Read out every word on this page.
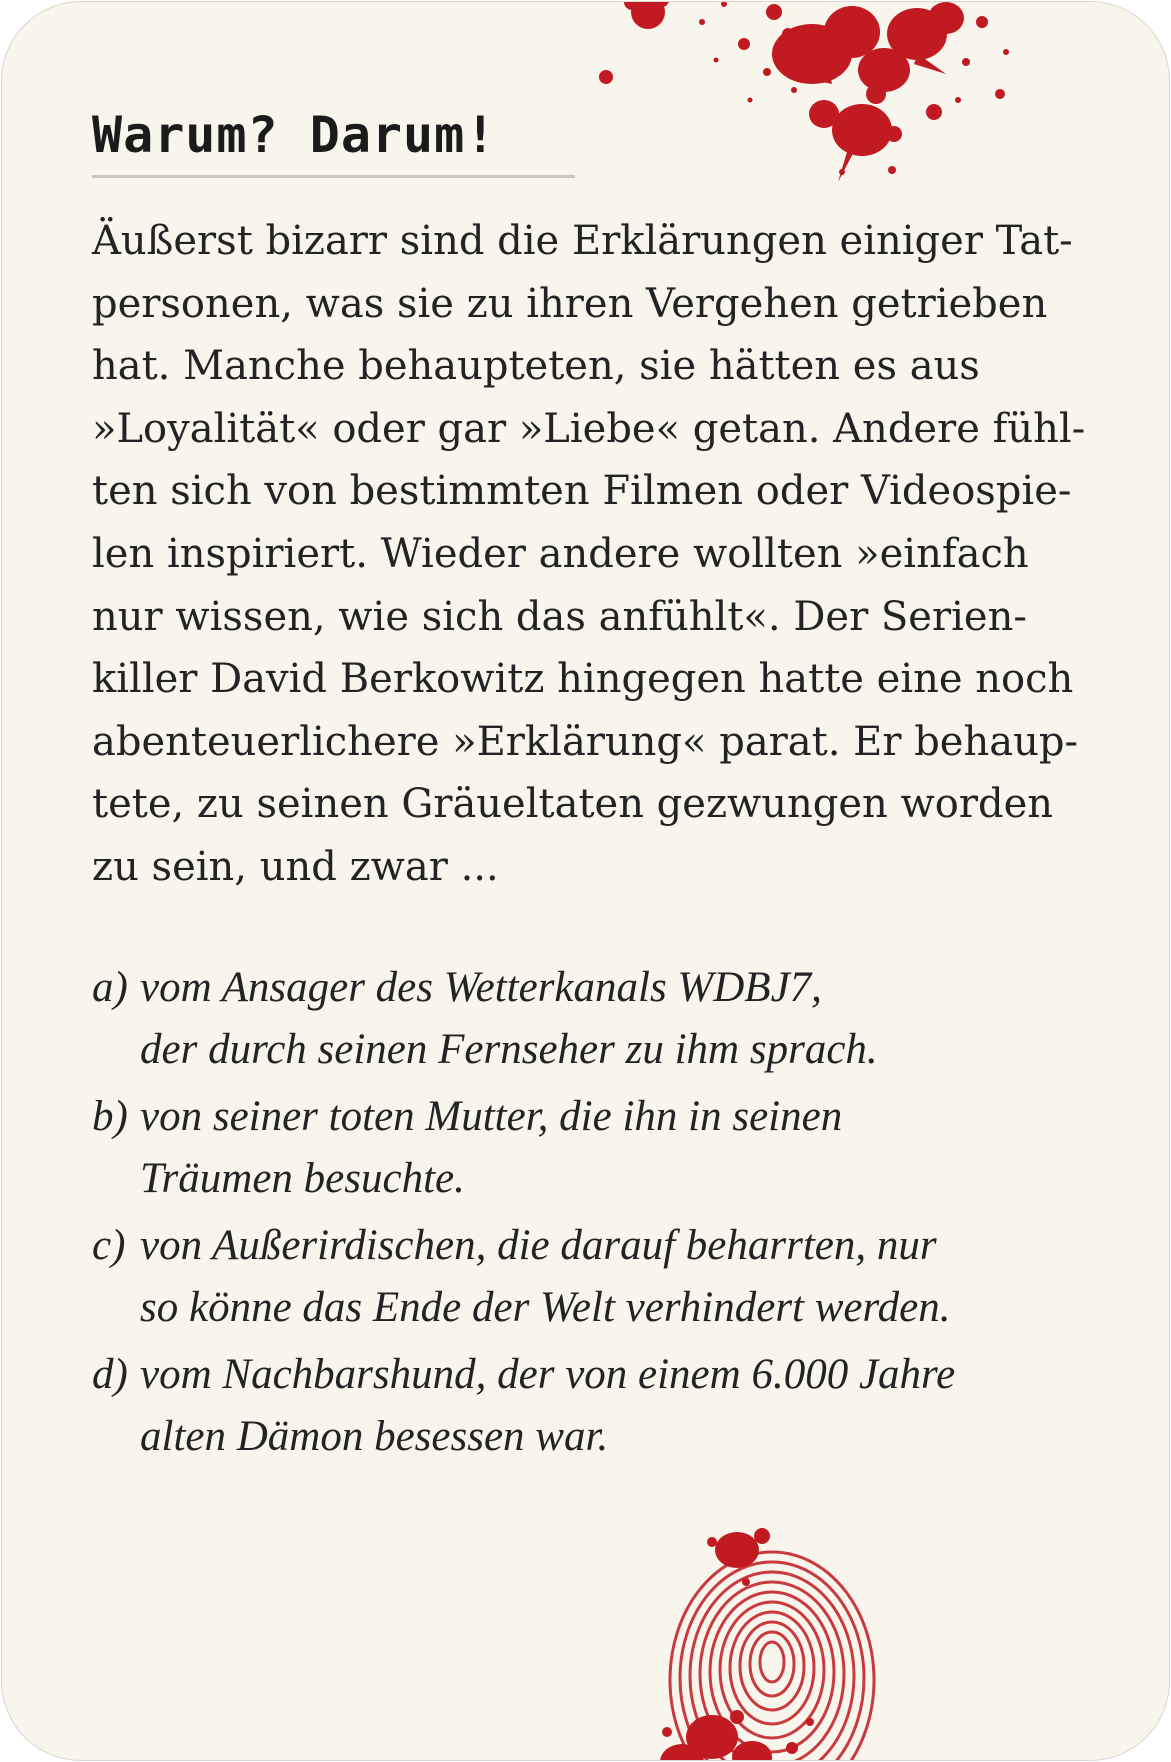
Warum? Darum!

Äußerst bizarr sind die Erklärungen einiger Tat-
personen, was sie zu ihren Vergehen getrieben
hat. Manche behaupteten, sie hätten es aus
»Loyalität« oder gar »Liebe« getan. Andere fühl-
ten sich von bestimmten Filmen oder Videospie-
len inspiriert. Wieder andere wollten »einfach
nur wissen, wie sich das anfühlt«. Der Serien-
killer David Berkowitz hingegen hatte eine noch
abenteuerlichere »Erklärung« parat. Er behaup-
tete, zu seinen Gräueltaten gezwungen worden
zu sein, und zwar ...

a) vom Ansager des Wetterkanals WDBJ7,
der durch seinen Fernseher zu ihm sprach.
b) von seiner toten Mutter, die ihn in seinen
Träumen besuchte.
c) von Außerirdischen, die darauf beharrten, nur
so könne das Ende der Welt verhindert werden.
d) vom Nachbarshund, der von einem 6.000 Jahre
alten Dämon besessen war.
